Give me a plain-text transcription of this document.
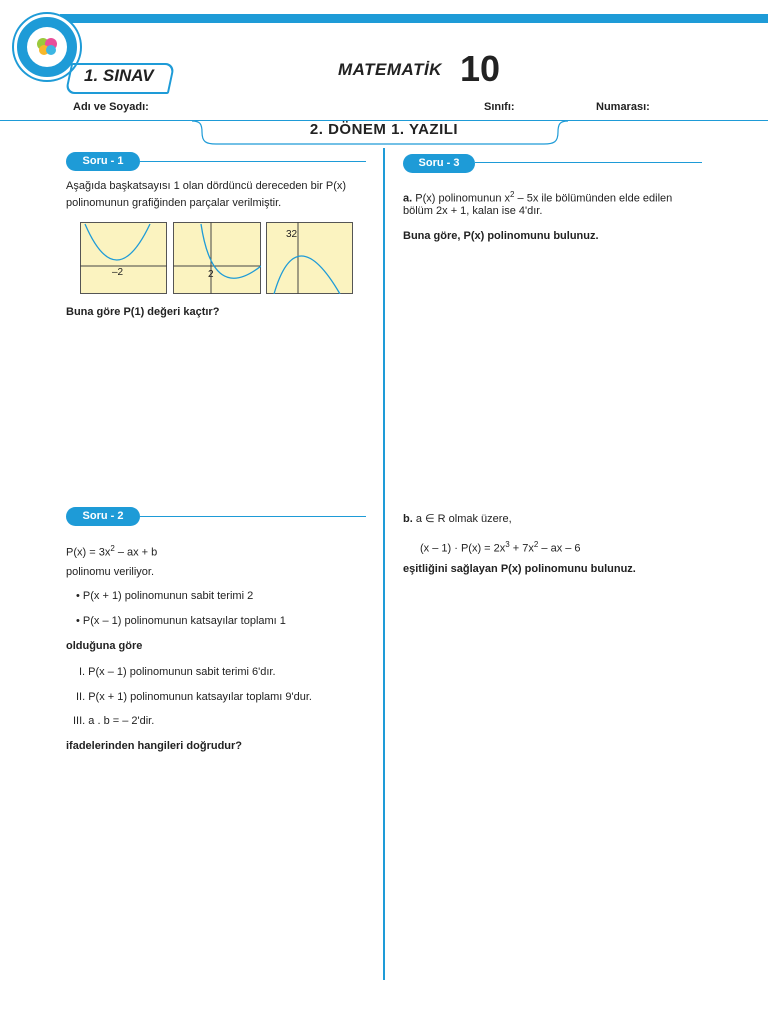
1. SINAV	MATEMATİK 10
Adı ve Soyadı:	Sınıfı:	Numarası:
2. DÖNEM 1. YAZILI
Soru - 1
Aşağıda başkatsayısı 1 olan dördüncü dereceden bir P(x)
polinomunun grafiğinden parçalar verilmiştir.
–2	2
32
Buna göre P(1) değeri kaçtır?
Soru - 2
$P(x) = 3x^2$ – ax + b
polinomu veriliyor.
• P(x + 1) polinomunun sabit terimi 2
• P(x – 1) polinomunun katsayılar toplamı 1
olduğuna göre
I. P(x – 1) polinomunun sabit terimi 6'dır.
II. P(x + 1) polinomunun katsayılar toplamı 9'dur.
III. a . b = – 2'dir.
ifadelerinden hangileri doğrudur?
Soru - 3
a. P(x) polinomunun $x^2 - 5x$ ile bölümünden elde edilen
bölüm 2x + 1, kalan ise 4'dır.
Buna göre, P(x) polinomunu bulunuz.
b. a ∈ R olmak üzere,
$(x - 1) \cdot P(x) = 2x^3 + 7x^2$ – ax – 6
eşitliğini sağlayan P(x) polinomunu bulunuz.
